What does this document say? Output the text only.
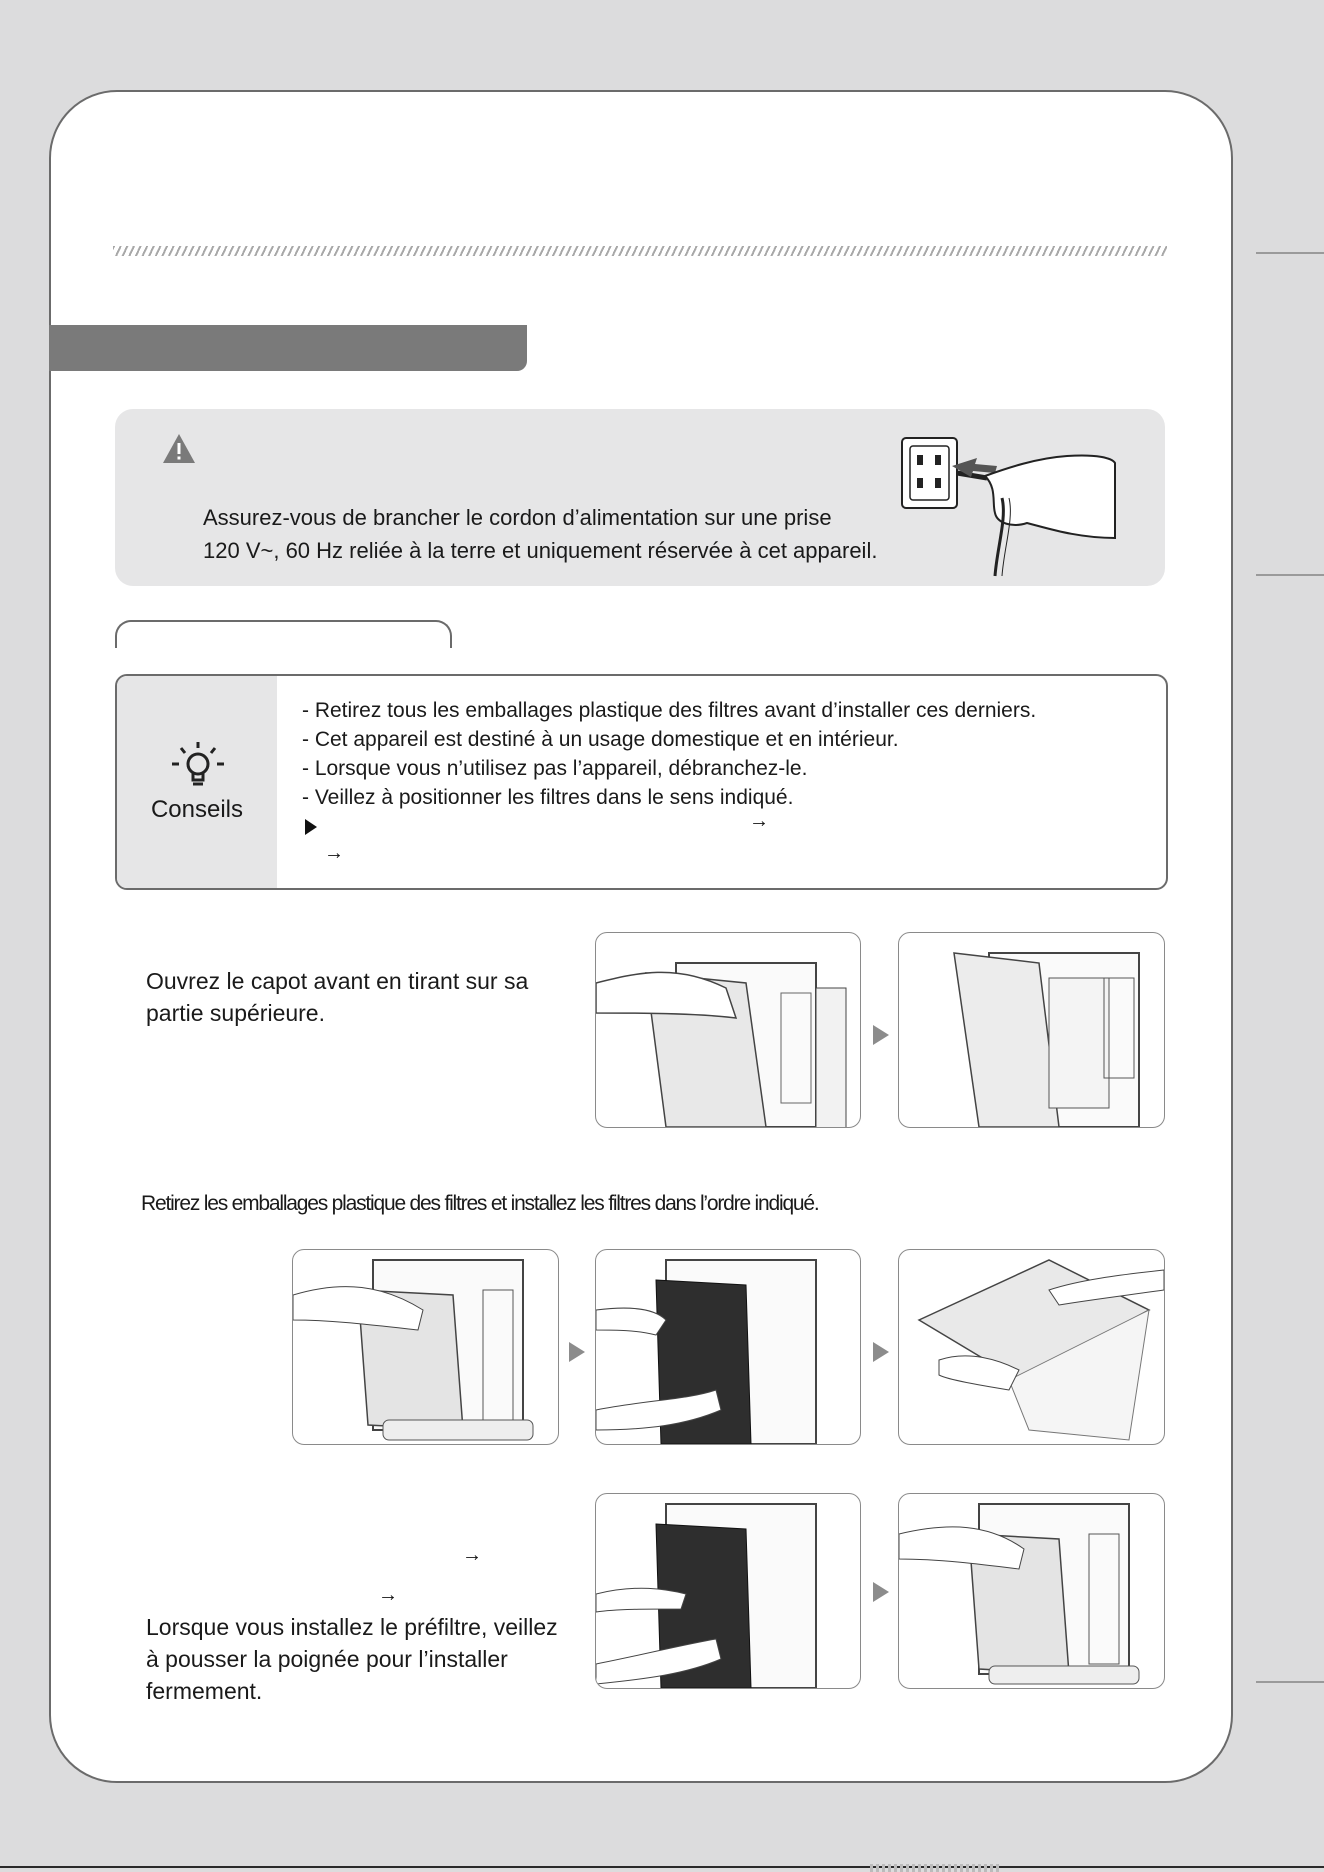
Assurez-vous de brancher le cordon d’alimentation sur une prise
120 V~, 60 Hz reliée à la terre et uniquement réservée à cet appareil.
Conseils
- Retirez tous les emballages plastique des filtres avant d’installer ces derniers.
- Cet appareil est destiné à un usage domestique et en intérieur.
- Lorsque vous n’utilisez pas l’appareil, débranchez-le.
- Veillez à positionner les filtres dans le sens indiqué.
→
→
Ouvrez le capot avant en tirant sur sa
partie supérieure.
Retirez les emballages plastique des filtres et installez les filtres dans l’ordre indiqué.
→
→
Lorsque vous installez le préfiltre, veillez
à pousser la poignée pour l’installer
fermement.
